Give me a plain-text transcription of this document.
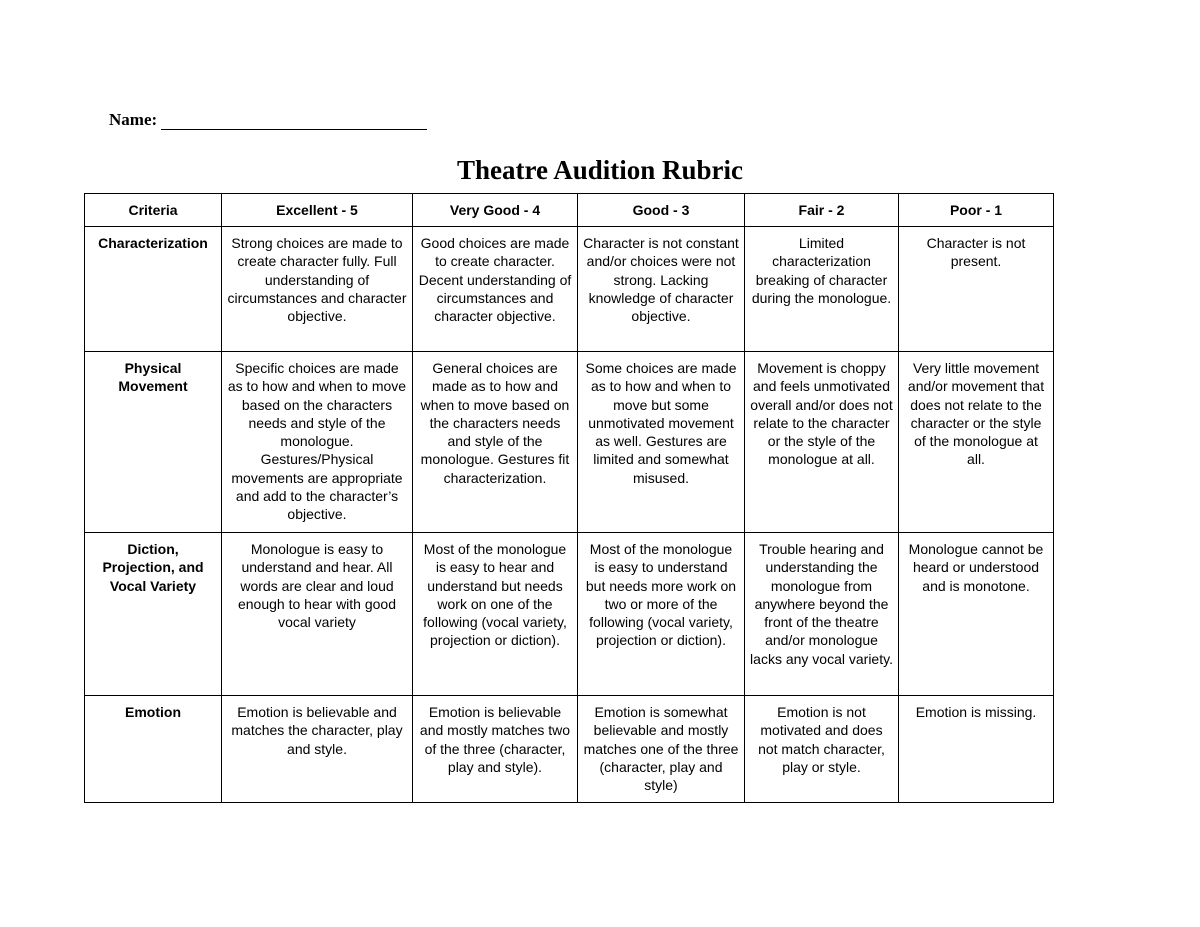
Name:
Theatre Audition Rubric
Criteria	Excellent - 5	Very Good - 4	Good - 3	Fair - 2	Poor - 1
Characterization	Strong choices are made to create character fully. Full understanding of circumstances and character objective.	Good choices are made to create character. Decent understanding of circumstances and character objective.	Character is not constant and/or choices were not strong. Lacking knowledge of character objective.	Limited characterization breaking of character during the monologue.	Character is not present.
Physical Movement	Specific choices are made as to how and when to move based on the characters needs and style of the monologue. Gestures/Physical movements are appropriate and add to the character’s objective.	General choices are made as to how and when to move based on the characters needs and style of the monologue. Gestures fit characterization.	Some choices are made as to how and when to move but some unmotivated movement as well. Gestures are limited and somewhat misused.	Movement is choppy and feels unmotivated overall and/or does not relate to the character or the style of the monologue at all.	Very little movement and/or movement that does not relate to the character or the style of the monologue at all.
Diction, Projection, and Vocal Variety	Monologue is easy to understand and hear. All words are clear and loud enough to hear with good vocal variety	Most of the monologue is easy to hear and understand but needs work on one of the following (vocal variety, projection or diction).	Most of the monologue is easy to understand but needs more work on two or more of the following (vocal variety, projection or diction).	Trouble hearing and understanding the monologue from anywhere beyond the front of the theatre and/or monologue lacks any vocal variety.	Monologue cannot be heard or understood and is monotone.
Emotion	Emotion is believable and matches the character, play and style.	Emotion is believable and mostly matches two of the three (character, play and style).	Emotion is somewhat believable and mostly matches one of the three (character, play and style)	Emotion is not motivated and does not match character, play or style.	Emotion is missing.
